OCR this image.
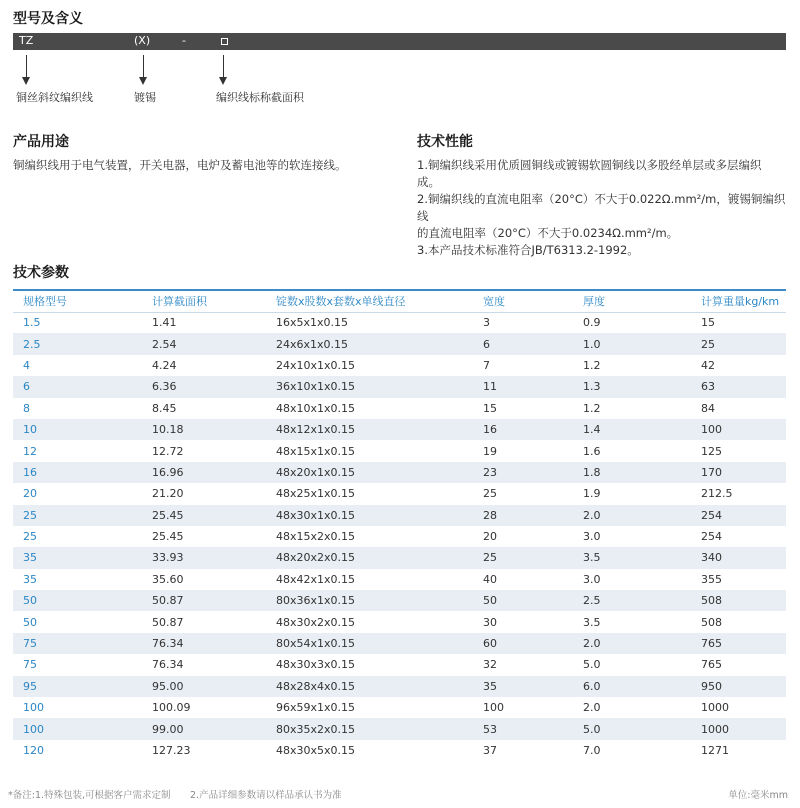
型号及含义
TZ	(X)	-
铜丝斜纹编织线	镀锡	编织线标称截面积
产品用途
铜编织线用于电气装置，开关电器，电炉及蓄电池等的软连接线。
技术性能
1.铜编织线采用优质圆铜线或镀锡软圆铜线以多股经单层或多层编织
成。
2.铜编织线的直流电阻率（20°C）不大于0.022Ω.mm²/m，镀锡铜编织线
的直流电阻率（20°C）不大于0.0234Ω.mm²/m。
3.本产品技术标准符合JB/T6313.2-1992。
技术参数
规格型号	计算截面积	锭数x股数x套数x单线直径	宽度	厚度	计算重量kg/km
1.5	1.41	16x5x1x0.15	3	0.9	15
2.5	2.54	24x6x1x0.15	6	1.0	25
4	4.24	24x10x1x0.15	7	1.2	42
6	6.36	36x10x1x0.15	11	1.3	63
8	8.45	48x10x1x0.15	15	1.2	84
10	10.18	48x12x1x0.15	16	1.4	100
12	12.72	48x15x1x0.15	19	1.6	125
16	16.96	48x20x1x0.15	23	1.8	170
20	21.20	48x25x1x0.15	25	1.9	212.5
25	25.45	48x30x1x0.15	28	2.0	254
25	25.45	48x15x2x0.15	20	3.0	254
35	33.93	48x20x2x0.15	25	3.5	340
35	35.60	48x42x1x0.15	40	3.0	355
50	50.87	80x36x1x0.15	50	2.5	508
50	50.87	48x30x2x0.15	30	3.5	508
75	76.34	80x54x1x0.15	60	2.0	765
75	76.34	48x30x3x0.15	32	5.0	765
95	95.00	48x28x4x0.15	35	6.0	950
100	100.09	96x59x1x0.15	100	2.0	1000
100	99.00	80x35x2x0.15	53	5.0	1000
120	127.23	48x30x5x0.15	37	7.0	1271
*备注:1.特殊包装,可根据客户需求定制 2.产品详细参数请以样品承认书为准	单位:毫米mm
